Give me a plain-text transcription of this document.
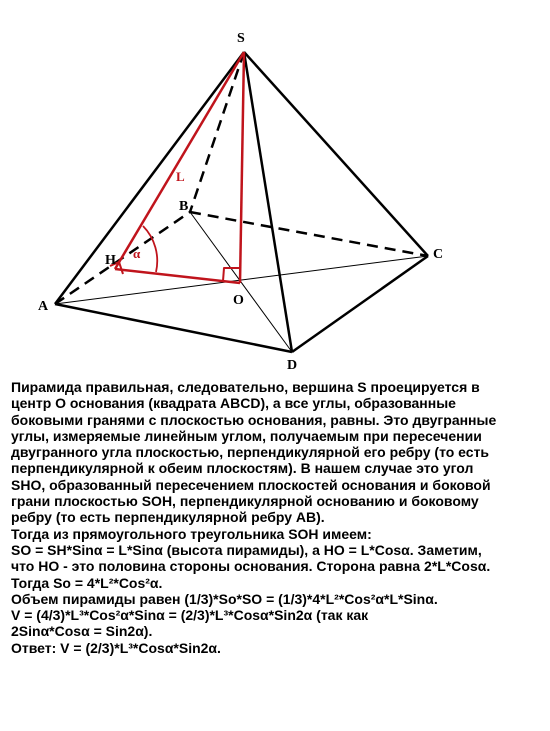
S
A
B
C
D
O
H
L
α

Пирамида правильная, следовательно, вершина S проецируется в

центр O основания (квадрата ABCD), а все углы, образованные

боковыми гранями с плоскостью основания, равны. Это двугранные

углы, измеряемые линейным углом, получаемым при пересечении

двугранного угла плоскостью, перпендикулярной его ребру (то есть

перпендикулярной к обеим плоскостям). В нашем случае это угол

SHO, образованный пересечением плоскостей основания и боковой

грани плоскостью SOH, перпендикулярной основанию и боковому

ребру (то есть перпендикулярной ребру AB).

Тогда из прямоугольного треугольника SOH имеем:

SO = SH*Sinα = L*Sinα (высота пирамиды), а HO = L*Cosα. Заметим,

что HO - это половина стороны основания. Сторона равна 2*L*Cosα.

Тогда So = 4*L²*Cos²α.

Объем пирамиды равен (1/3)*So*SO = (1/3)*4*L²*Cos²α*L*Sinα.

V = (4/3)*L³*Cos²α*Sinα = (2/3)*L³*Cosα*Sin2α (так как

2Sinα*Cosα = Sin2α).

Ответ: V = (2/3)*L³*Cosα*Sin2α.
